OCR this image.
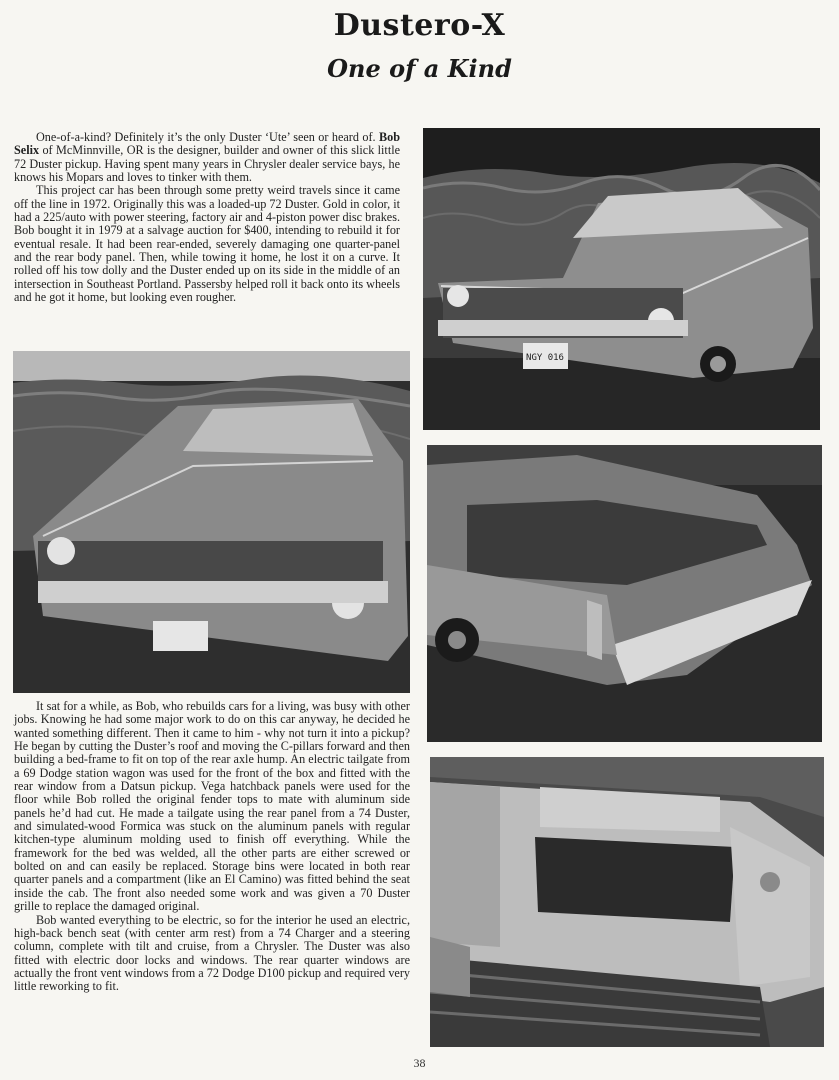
Dustero-X
One of a Kind

One-of-a-kind? Definitely it’s the only Duster ‘Ute’ seen or heard of. Bob Selix of McMinnville, OR is the designer, builder and owner of this slick little 72 Duster pickup. Having spent many years in Chrysler dealer service bays, he knows his Mopars and loves to tinker with them.

This project car has been through some pretty weird travels since it came off the line in 1972. Originally this was a loaded-up 72 Duster. Gold in color, it had a 225/auto with power steering, factory air and 4-piston power disc brakes. Bob bought it in 1979 at a salvage auction for $400, intending to rebuild it for eventual resale. It had been rear-ended, severely damaging one quarter-panel and the rear body panel. Then, while towing it home, he lost it on a curve. It rolled off his tow dolly and the Duster ended up on its side in the middle of an intersection in Southeast Portland. Passersby helped roll it back onto its wheels and he got it home, but looking even rougher.

NGY 016

It sat for a while, as Bob, who rebuilds cars for a living, was busy with other jobs. Knowing he had some major work to do on this car anyway, he decided he wanted something different. Then it came to him - why not turn it into a pickup? He began by cutting the Duster’s roof and moving the C-pillars forward and then building a bed-frame to fit on top of the rear axle hump. An electric tailgate from a 69 Dodge station wagon was used for the front of the box and fitted with the rear window from a Datsun pickup. Vega hatchback panels were used for the floor while Bob rolled the original fender tops to mate with aluminum side panels he’d had cut. He made a tailgate using the rear panel from a 74 Duster, and simulated-wood Formica was stuck on the aluminum panels with regular kitchen-type aluminum molding used to finish off everything. While the framework for the bed was welded, all the other parts are either screwed or bolted on and can easily be replaced. Storage bins were located in both rear quarter panels and a compartment (like an El Camino) was fitted behind the seat inside the cab. The front also needed some work and was given a 70 Duster grille to replace the damaged original.

Bob wanted everything to be electric, so for the interior he used an electric, high-back bench seat (with center arm rest) from a 74 Charger and a steering column, complete with tilt and cruise, from a Chrysler. The Duster was also fitted with electric door locks and windows. The rear quarter windows are actually the front vent windows from a 72 Dodge D100 pickup and required very little reworking to fit.

38
